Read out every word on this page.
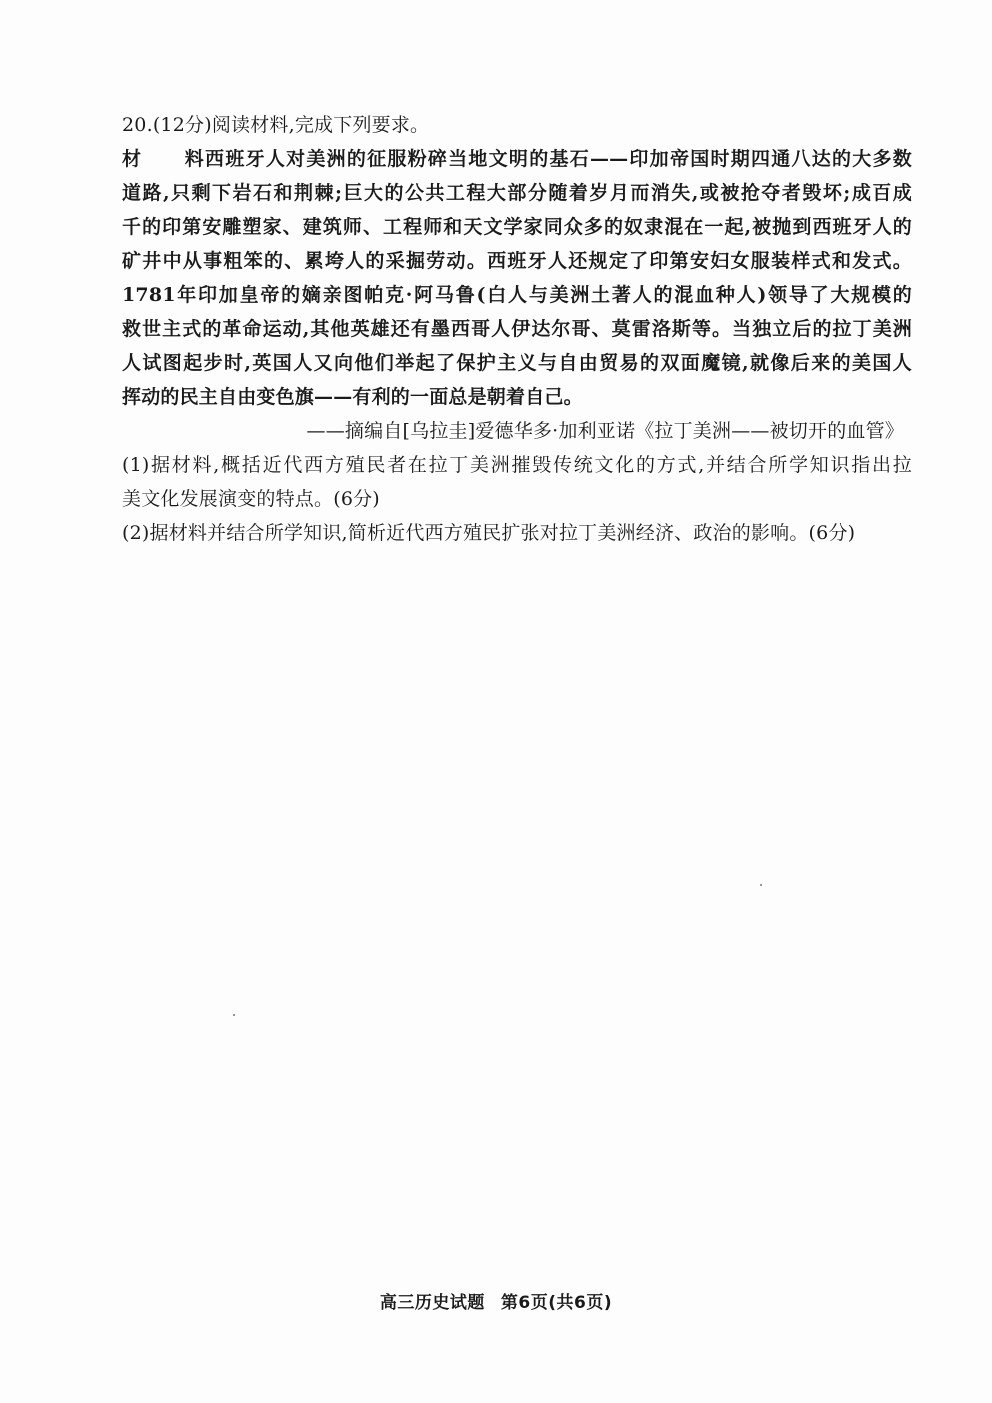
20.(12分)阅读材料,完成下列要求。
材料西班牙人对美洲的征服粉碎当地文明的基石——印加帝国时期四通八达的大多数
道路,只剩下岩石和荆棘;巨大的公共工程大部分随着岁月而消失,或被抢夺者毁坏;成百成
千的印第安雕塑家、建筑师、工程师和天文学家同众多的奴隶混在一起,被抛到西班牙人的
矿井中从事粗笨的、累垮人的采掘劳动。西班牙人还规定了印第安妇女服装样式和发式。
1781年印加皇帝的嫡亲图帕克·阿马鲁(白人与美洲土著人的混血种人)领导了大规模的
救世主式的革命运动,其他英雄还有墨西哥人伊达尔哥、莫雷洛斯等。当独立后的拉丁美洲
人试图起步时,英国人又向他们举起了保护主义与自由贸易的双面魔镜,就像后来的美国人
挥动的民主自由变色旗——有利的一面总是朝着自己。
——摘编自[乌拉圭]爱德华多·加利亚诺《拉丁美洲——被切开的血管》
(1)据材料,概括近代西方殖民者在拉丁美洲摧毁传统文化的方式,并结合所学知识指出拉
美文化发展演变的特点。(6分)
(2)据材料并结合所学知识,简析近代西方殖民扩张对拉丁美洲经济、政治的影响。(6分)
高三历史试题 第6页(共6页)
